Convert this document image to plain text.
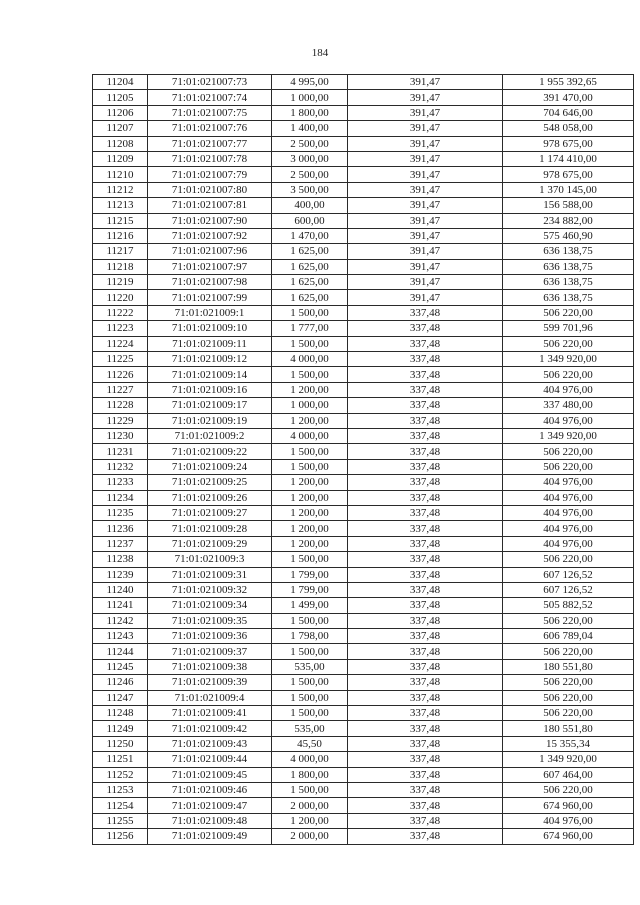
184
11204	71:01:021007:73	4 995,00	391,47	1 955 392,65
11205	71:01:021007:74	1 000,00	391,47	391 470,00
11206	71:01:021007:75	1 800,00	391,47	704 646,00
11207	71:01:021007:76	1 400,00	391,47	548 058,00
11208	71:01:021007:77	2 500,00	391,47	978 675,00
11209	71:01:021007:78	3 000,00	391,47	1 174 410,00
11210	71:01:021007:79	2 500,00	391,47	978 675,00
11212	71:01:021007:80	3 500,00	391,47	1 370 145,00
11213	71:01:021007:81	400,00	391,47	156 588,00
11215	71:01:021007:90	600,00	391,47	234 882,00
11216	71:01:021007:92	1 470,00	391,47	575 460,90
11217	71:01:021007:96	1 625,00	391,47	636 138,75
11218	71:01:021007:97	1 625,00	391,47	636 138,75
11219	71:01:021007:98	1 625,00	391,47	636 138,75
11220	71:01:021007:99	1 625,00	391,47	636 138,75
11222	71:01:021009:1	1 500,00	337,48	506 220,00
11223	71:01:021009:10	1 777,00	337,48	599 701,96
11224	71:01:021009:11	1 500,00	337,48	506 220,00
11225	71:01:021009:12	4 000,00	337,48	1 349 920,00
11226	71:01:021009:14	1 500,00	337,48	506 220,00
11227	71:01:021009:16	1 200,00	337,48	404 976,00
11228	71:01:021009:17	1 000,00	337,48	337 480,00
11229	71:01:021009:19	1 200,00	337,48	404 976,00
11230	71:01:021009:2	4 000,00	337,48	1 349 920,00
11231	71:01:021009:22	1 500,00	337,48	506 220,00
11232	71:01:021009:24	1 500,00	337,48	506 220,00
11233	71:01:021009:25	1 200,00	337,48	404 976,00
11234	71:01:021009:26	1 200,00	337,48	404 976,00
11235	71:01:021009:27	1 200,00	337,48	404 976,00
11236	71:01:021009:28	1 200,00	337,48	404 976,00
11237	71:01:021009:29	1 200,00	337,48	404 976,00
11238	71:01:021009:3	1 500,00	337,48	506 220,00
11239	71:01:021009:31	1 799,00	337,48	607 126,52
11240	71:01:021009:32	1 799,00	337,48	607 126,52
11241	71:01:021009:34	1 499,00	337,48	505 882,52
11242	71:01:021009:35	1 500,00	337,48	506 220,00
11243	71:01:021009:36	1 798,00	337,48	606 789,04
11244	71:01:021009:37	1 500,00	337,48	506 220,00
11245	71:01:021009:38	535,00	337,48	180 551,80
11246	71:01:021009:39	1 500,00	337,48	506 220,00
11247	71:01:021009:4	1 500,00	337,48	506 220,00
11248	71:01:021009:41	1 500,00	337,48	506 220,00
11249	71:01:021009:42	535,00	337,48	180 551,80
11250	71:01:021009:43	45,50	337,48	15 355,34
11251	71:01:021009:44	4 000,00	337,48	1 349 920,00
11252	71:01:021009:45	1 800,00	337,48	607 464,00
11253	71:01:021009:46	1 500,00	337,48	506 220,00
11254	71:01:021009:47	2 000,00	337,48	674 960,00
11255	71:01:021009:48	1 200,00	337,48	404 976,00
11256	71:01:021009:49	2 000,00	337,48	674 960,00
